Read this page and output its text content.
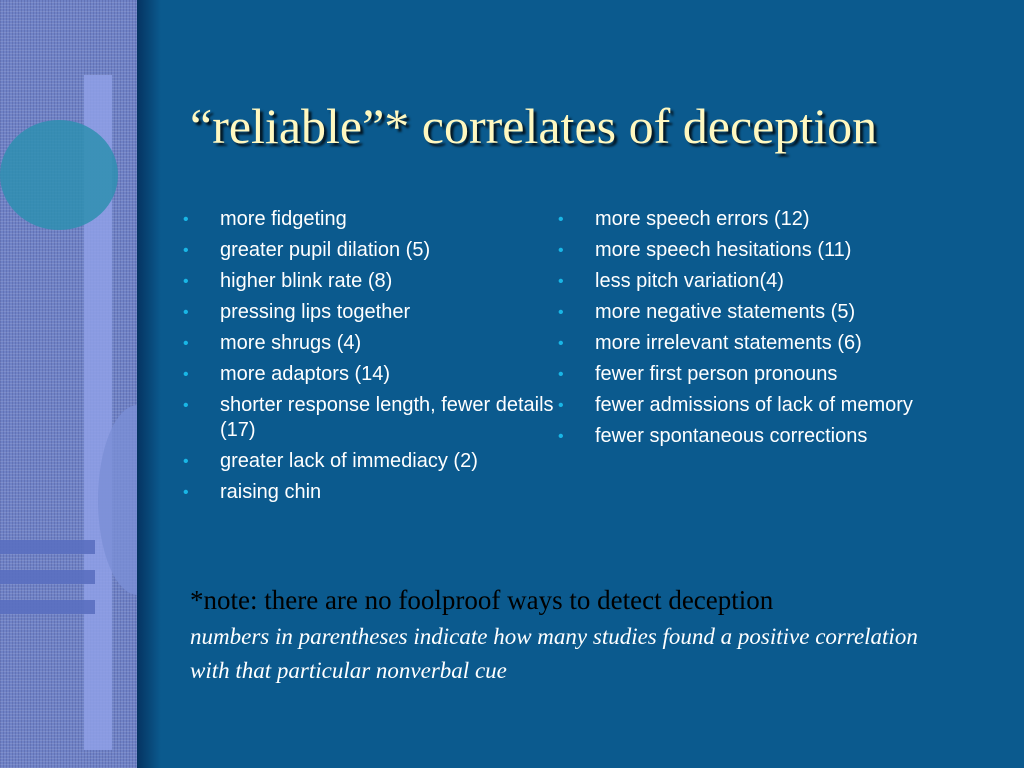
“reliable”* correlates of deception
• more fidgeting
• greater pupil dilation (5)
• higher blink rate (8)
• pressing lips together
• more shrugs (4)
• more adaptors (14)
• shorter response length, fewer details (17)
• greater lack of immediacy (2)
• raising chin
• more speech errors (12)
• more speech hesitations (11)
• less pitch variation(4)
• more negative statements (5)
• more irrelevant statements (6)
• fewer first person pronouns
• fewer admissions of lack of memory
• fewer spontaneous corrections

*note: there are no foolproof ways to detect deception

numbers in parentheses indicate how many studies found a positive correlation with that particular nonverbal cue
